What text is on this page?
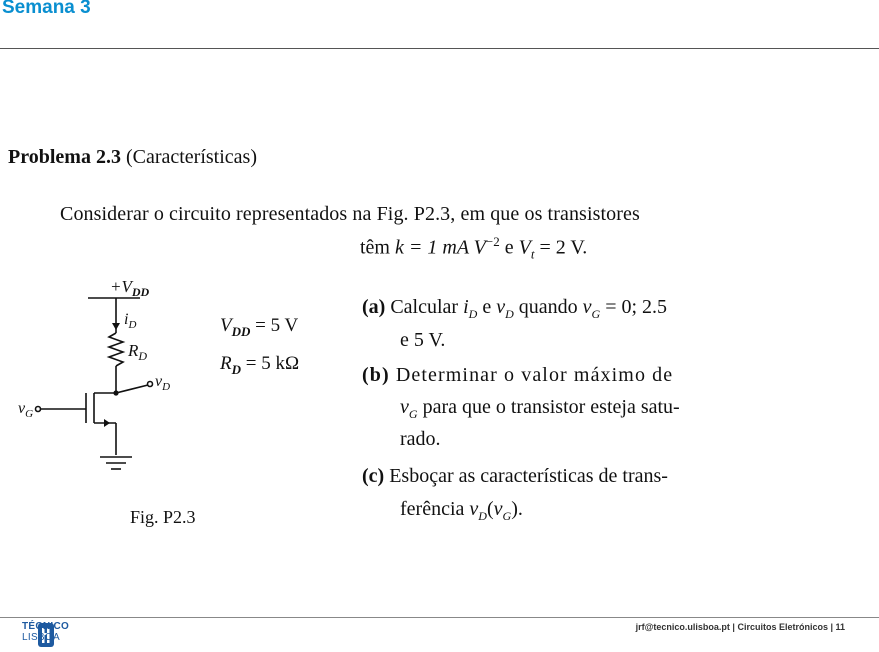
Semana 3
Problema 2.3 (Características)
Considerar o circuito representados na Fig. P2.3, em que os transistores
têm k = 1 mA $V^{-2}$ e $V_t = 2$ V.
$+V_{DD}$
$i_D$
$R_D$
$v_D$
$v_G$
$V_{DD} = 5$ V
$R_D = 5$ kΩ
Fig. P2.3
(a) Calcular $i_D$ e $v_D$ quando $v_G = 0$; 2.5
e 5 V.
(b) Determinar o valor máximo de
$v_G$ para que o transistor esteja satu-
rado.
(c) Esboçar as características de trans-
ferência $v_D(v_G)$.
TÉCNICO
LISBOA
jrf@tecnico.ulisboa.pt | Circuitos Eletrónicos | 11
